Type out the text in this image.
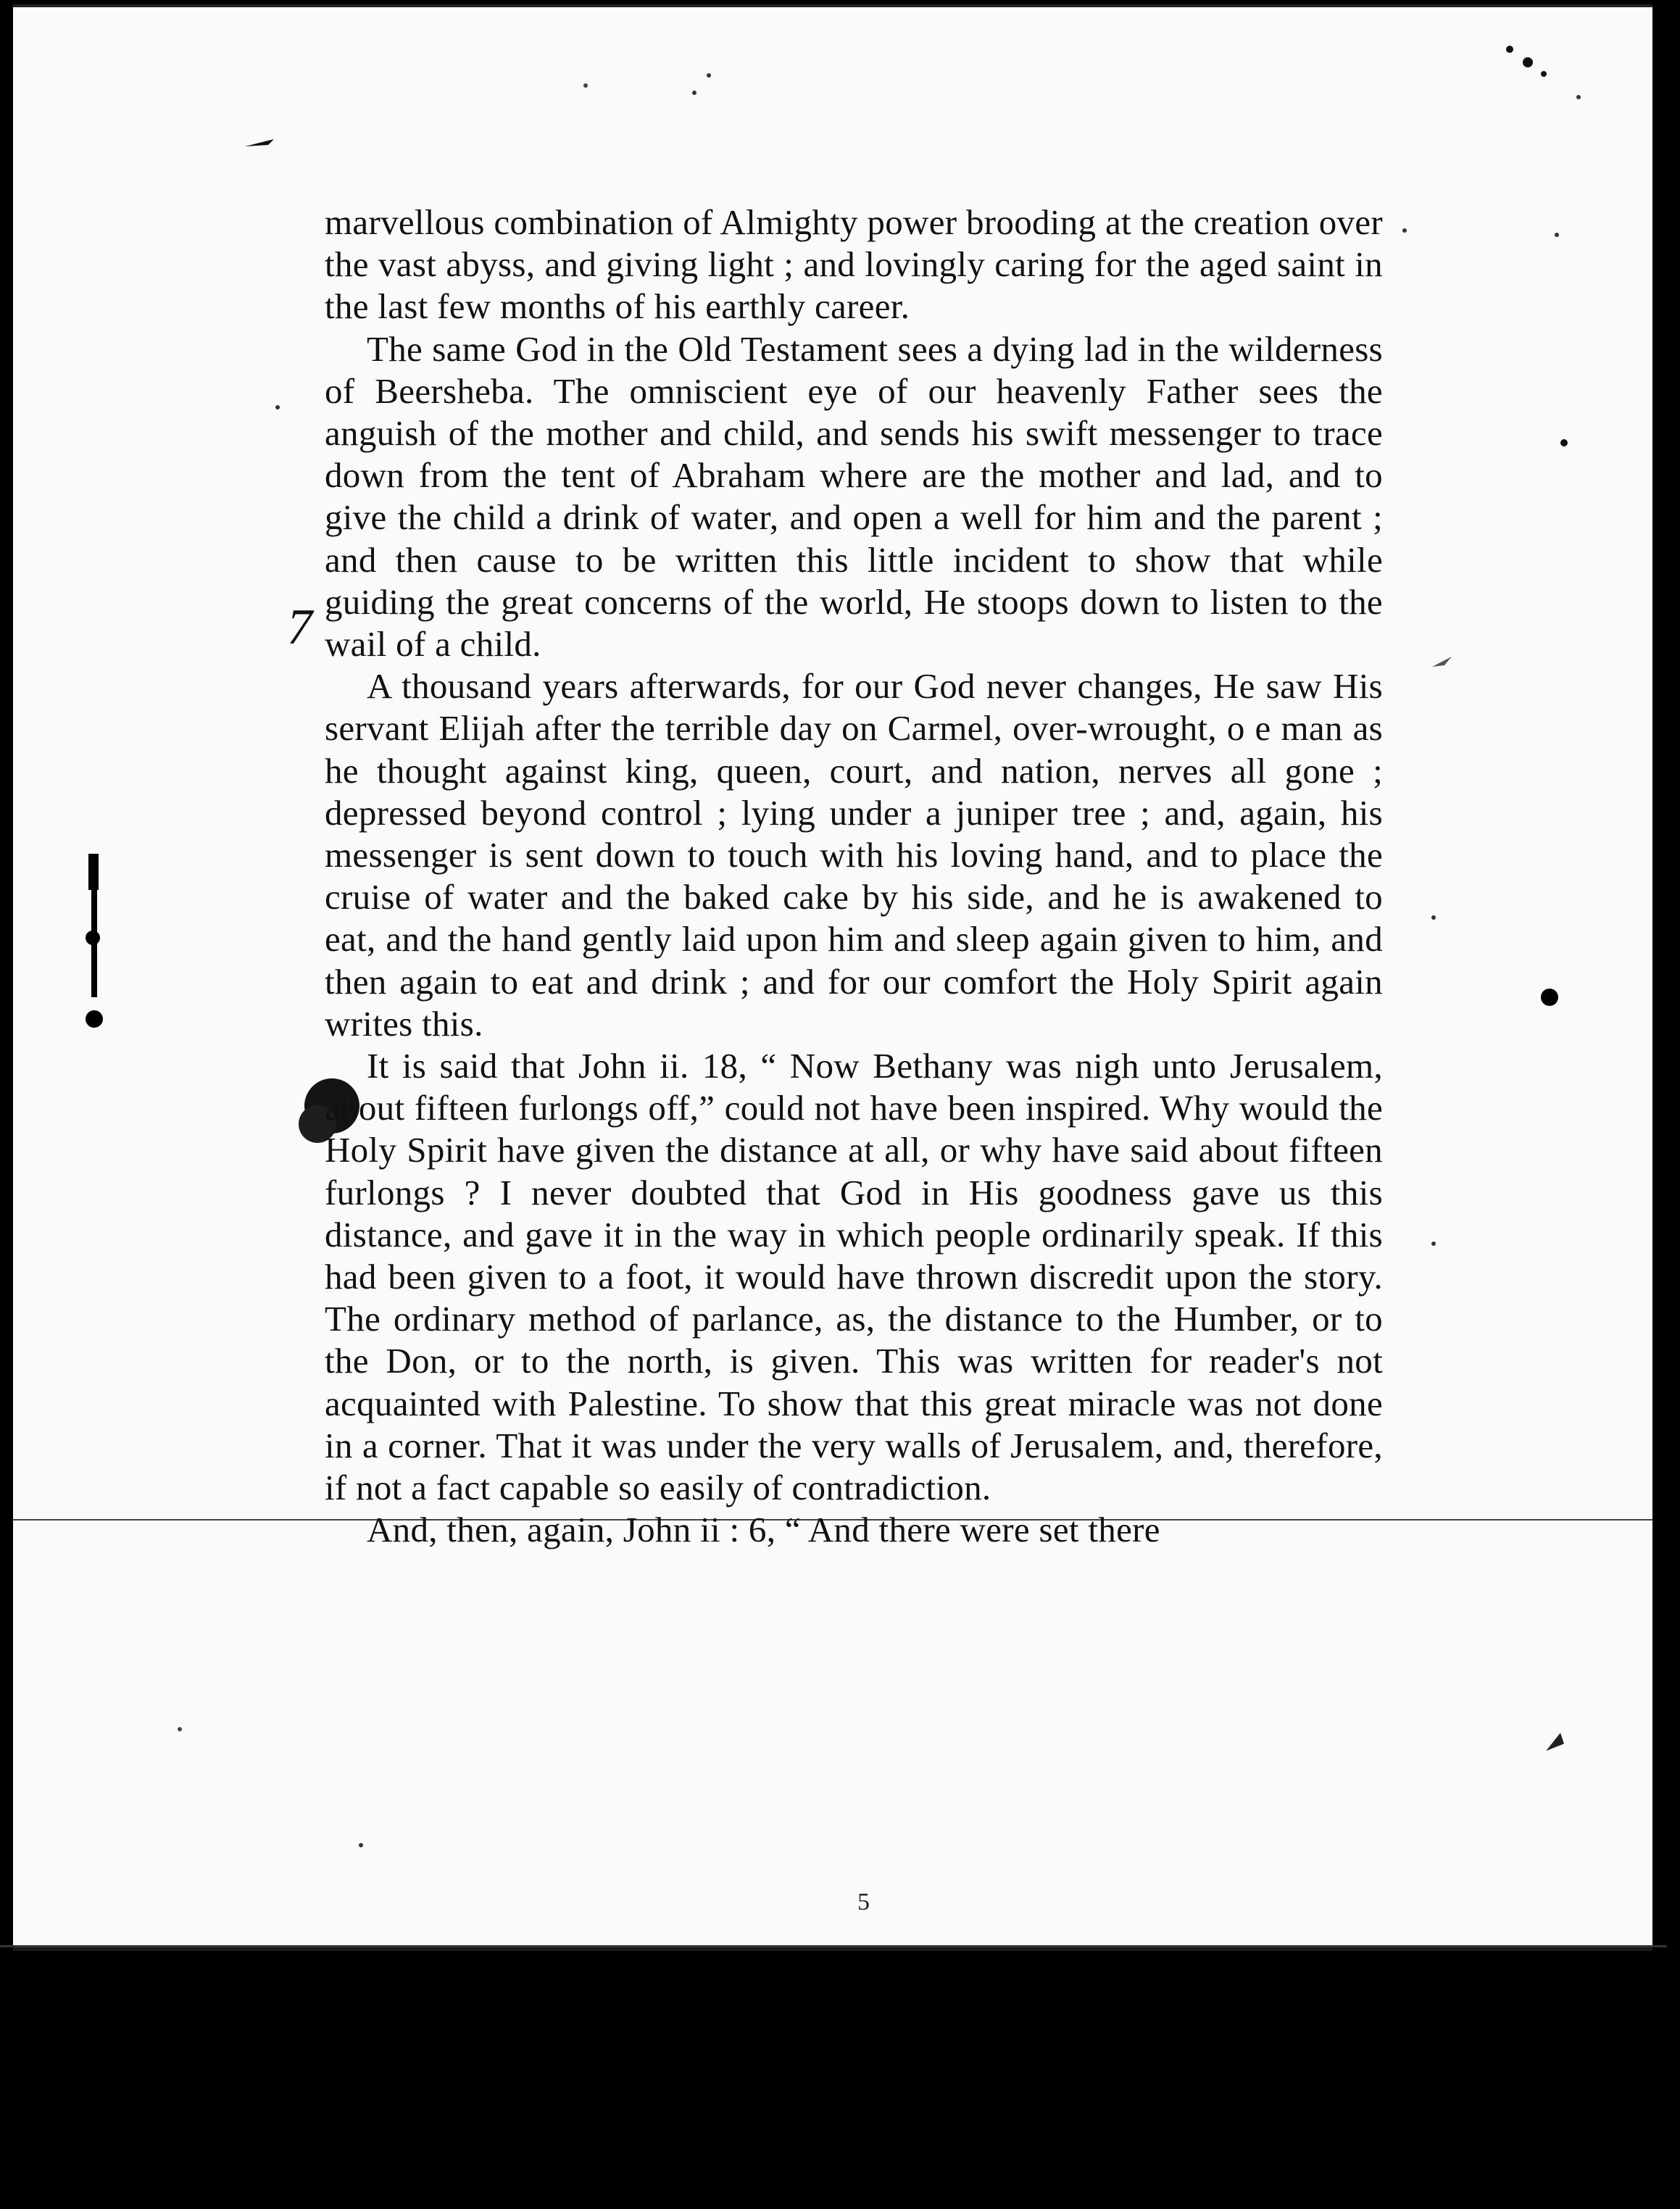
7

marvellous combination of Almighty power brooding at the creation over the vast abyss, and giving light ; and lovingly caring for the aged saint in the last few months of his earthly career.

The same God in the Old Testament sees a dying lad in the wilderness of Beersheba. The omniscient eye of our heavenly Father sees the anguish of the mother and child, and sends his swift messenger to trace down from the tent of Abraham where are the mother and lad, and to give the child a drink of water, and open a well for him and the parent ; and then cause to be written this little incident to show that while guiding the great concerns of the world, He stoops down to listen to the wail of a child.

A thousand years afterwards, for our God never changes, He saw His servant Elijah after the terrible day on Carmel, over-wrought, o e man as he thought against king, queen, court, and nation, nerves all gone ; depressed beyond control ; lying under a juniper tree ; and, again, his messenger is sent down to touch with his loving hand, and to place the cruise of water and the baked cake by his side, and he is awakened to eat, and the hand gently laid upon him and sleep again given to him, and then again to eat and drink ; and for our comfort the Holy Spirit again writes this.

It is said that John ii. 18, “ Now Bethany was nigh unto Jerusalem, about fifteen furlongs off,” could not have been inspired. Why would the Holy Spirit have given the distance at all, or why have said about fifteen furlongs ? I never doubted that God in His goodness gave us this distance, and gave it in the way in which people ordinarily speak. If this had been given to a foot, it would have thrown discredit upon the story. The ordinary method of parlance, as, the distance to the Humber, or to the Don, or to the north, is given. This was written for reader's not acquainted with Palestine. To show that this great miracle was not done in a corner. That it was under the very walls of Jerusalem, and, therefore, if not a fact capable so easily of contradiction.

And, then, again, John ii : 6, “ And there were set there

5
